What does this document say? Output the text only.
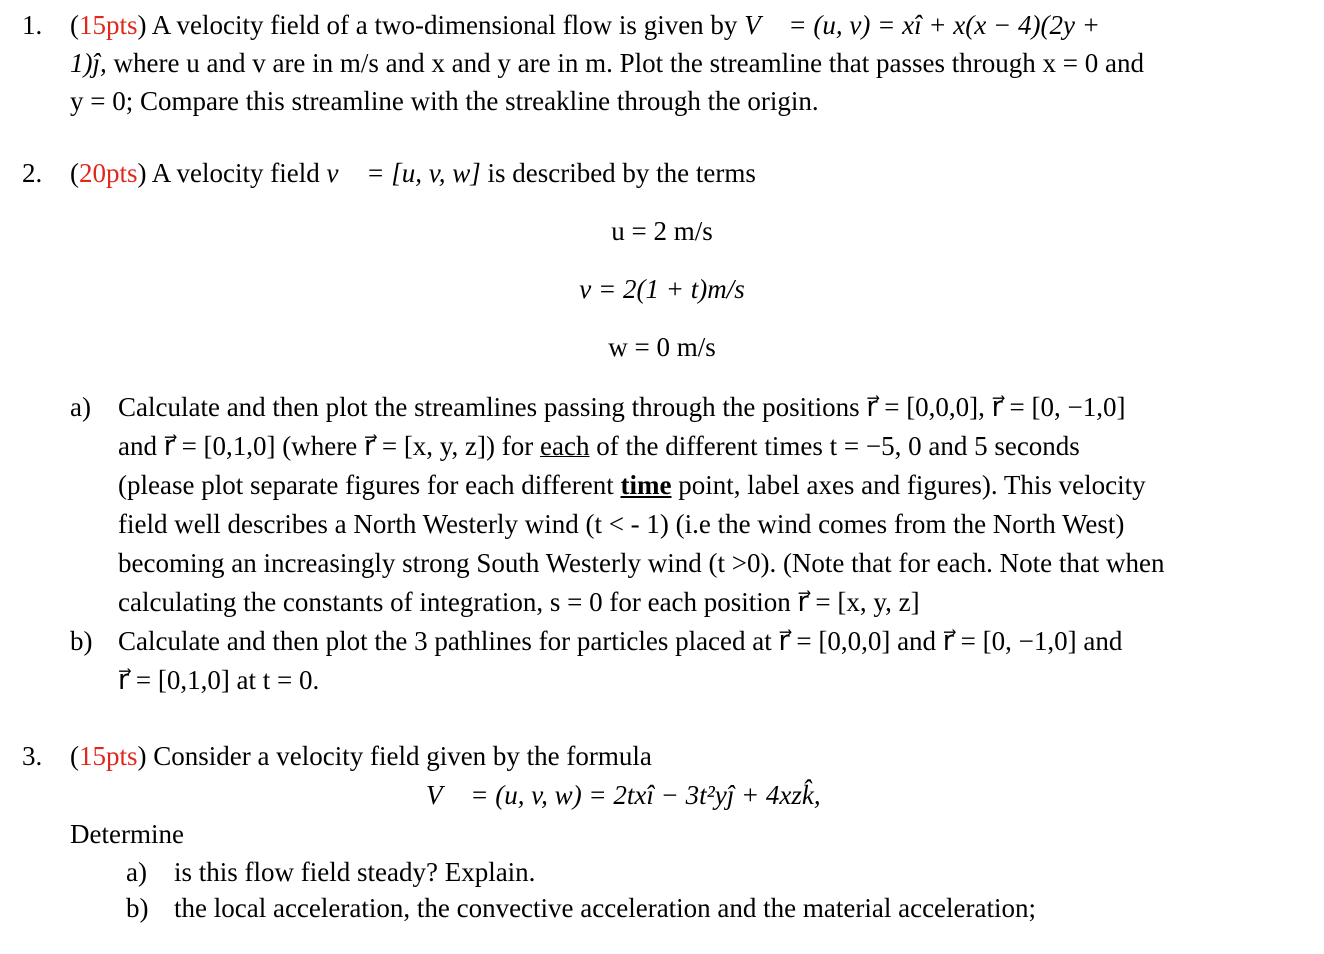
1. (15pts) A velocity field of a two-dimensional flow is given by V⃗ = (u, v) = xî + x(x − 4)(2y +
1)ĵ, where u and v are in m/s and x and y are in m. Plot the streamline that passes through x = 0 and
y = 0; Compare this streamline with the streakline through the origin.
2. (20pts) A velocity field v⃗ = [u, v, w] is described by the terms
u = 2 m/s
v = 2(1 + t)m/s
w = 0 m/s
a) Calculate and then plot the streamlines passing through the positions r⃗ = [0,0,0], r⃗ = [0, −1,0]
and r⃗ = [0,1,0] (where r⃗ = [x, y, z]) for each of the different times t = −5, 0 and 5 seconds
(please plot separate figures for each different time point, label axes and figures). This velocity
field well describes a North Westerly wind (t < - 1) (i.e the wind comes from the North West)
becoming an increasingly strong South Westerly wind (t >0). (Note that for each. Note that when
calculating the constants of integration, s = 0 for each position r⃗ = [x, y, z]
b) Calculate and then plot the 3 pathlines for particles placed at r⃗ = [0,0,0] and r⃗ = [0, −1,0] and
r⃗ = [0,1,0] at t = 0.
3. (15pts) Consider a velocity field given by the formula
V⃗ = (u, v, w) = 2txî − 3t²yĵ + 4xzk̂,
Determine
a) is this flow field steady? Explain.
b) the local acceleration, the convective acceleration and the material acceleration;
